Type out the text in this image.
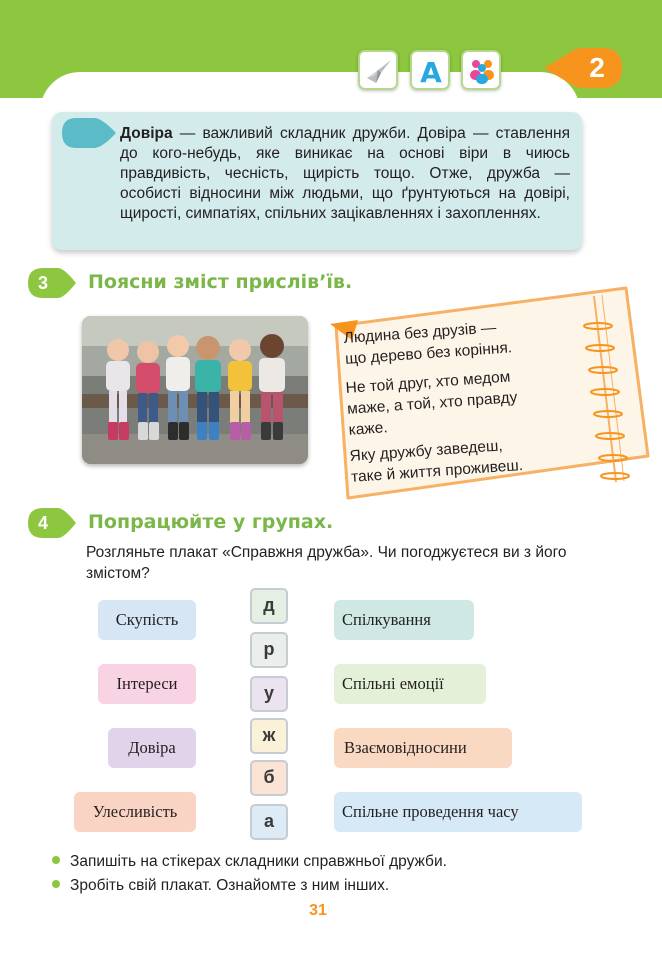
A	2
Довіра — важливий складник дружби. Довіра — ставлення до кого-небудь, яке виникає на основі віри в чиюсь правдивість, чесність, щирість тощо. Отже, дружба — особисті відносини між людьми, що ґрунтуються на довірі, щирості, симпатіях, спільних зацікавленнях і захопленнях.
3	Поясни зміст прислів’їв.
Людина без друзів —
що дерево без коріння.
Не той друг, хто медом
маже, а той, хто правду
каже.
Яку дружбу заведеш,
таке й життя проживеш.
4	Попрацюйте у групах.
Розгляньте плакат «Справжня дружба». Чи погоджуєтеся ви з його змістом?
Скупість
Інтереси
Довіра
Улесливість
д
р
у
ж
б
а
Спілкування
Спільні емоції
Взаємовідносини
Спільне проведення часу
Запишіть на стікерах складники справжньої дружби.
Зробіть свій плакат. Ознайомте з ним інших.
31
